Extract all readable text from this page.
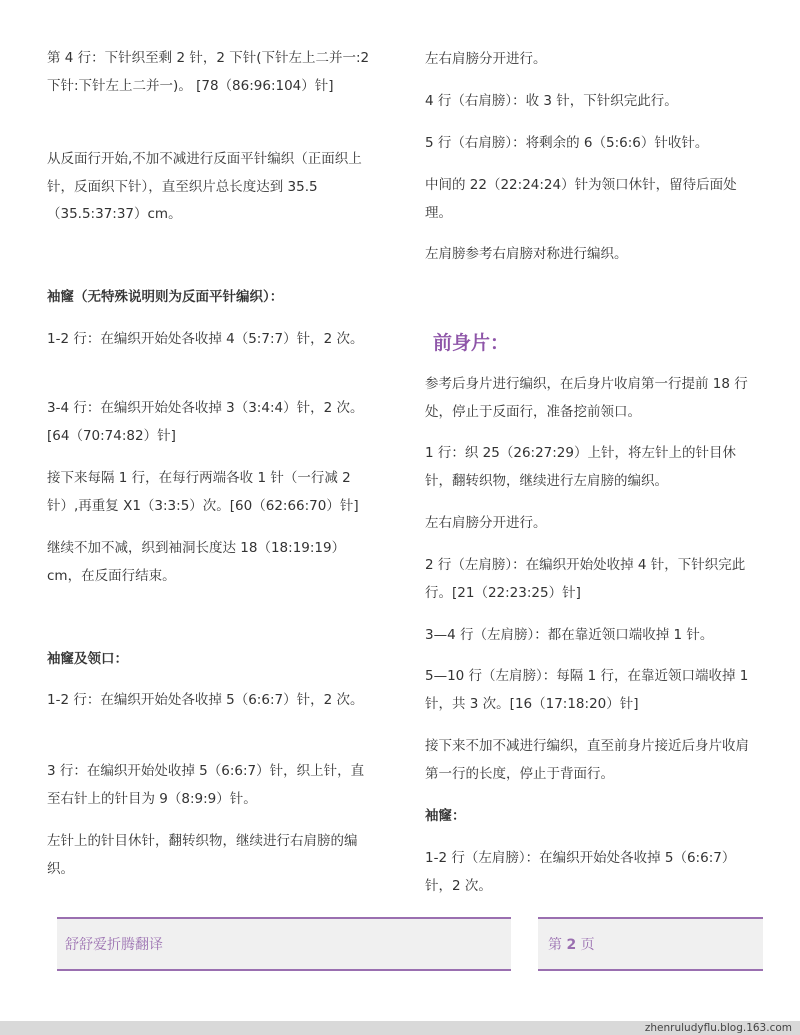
第 4 行：下针织至剩 2 针，2 下针(下针左上二并一:2 下针:下针左上二并一)。 [78（86:96:104）针]

从反面行开始,不加不减进行反面平针编织（正面织上针，反面织下针），直至织片总长度达到 35.5（35.5:37:37）cm。

袖窿（无特殊说明则为反面平针编织）：

1-2 行：在编织开始处各收掉 4（5:7:7）针，2 次。

3-4 行：在编织开始处各收掉 3（3:4:4）针，2 次。[64（70:74:82）针]

接下来每隔 1 行，在每行两端各收 1 针（一行减 2 针）,再重复 X1（3:3:5）次。[60（62:66:70）针]

继续不加不减，织到袖洞长度达 18（18:19:19）cm，在反面行结束。

袖窿及领口：

1-2 行：在编织开始处各收掉 5（6:6:7）针，2 次。

3 行：在编织开始处收掉 5（6:6:7）针，织上针，直至右针上的针目为 9（8:9:9）针。

左针上的针目休针，翻转织物，继续进行右肩膀的编织。

左右肩膀分开进行。

4 行（右肩膀）：收 3 针，下针织完此行。

5 行（右肩膀）：将剩余的 6（5:6:6）针收针。

中间的 22（22:24:24）针为领口休针，留待后面处理。

左肩膀参考右肩膀对称进行编织。

前身片：

参考后身片进行编织，在后身片收肩第一行提前 18 行处，停止于反面行，准备挖前领口。

1 行：织 25（26:27:29）上针，将左针上的针目休针，翻转织物，继续进行左肩膀的编织。

左右肩膀分开进行。

2 行（左肩膀）：在编织开始处收掉 4 针，下针织完此行。[21（22:23:25）针]

3—4 行（左肩膀）：都在靠近领口端收掉 1 针。

5—10 行（左肩膀）：每隔 1 行，在靠近领口端收掉 1 针，共 3 次。[16（17:18:20）针]

接下来不加不减进行编织，直至前身片接近后身片收肩第一行的长度，停止于背面行。

袖窿：

1-2 行（左肩膀）：在编织开始处各收掉 5（6:6:7）针，2 次。

舒舒爱折腾翻译	第 2 页
zhenruludyflu.blog.163.com
